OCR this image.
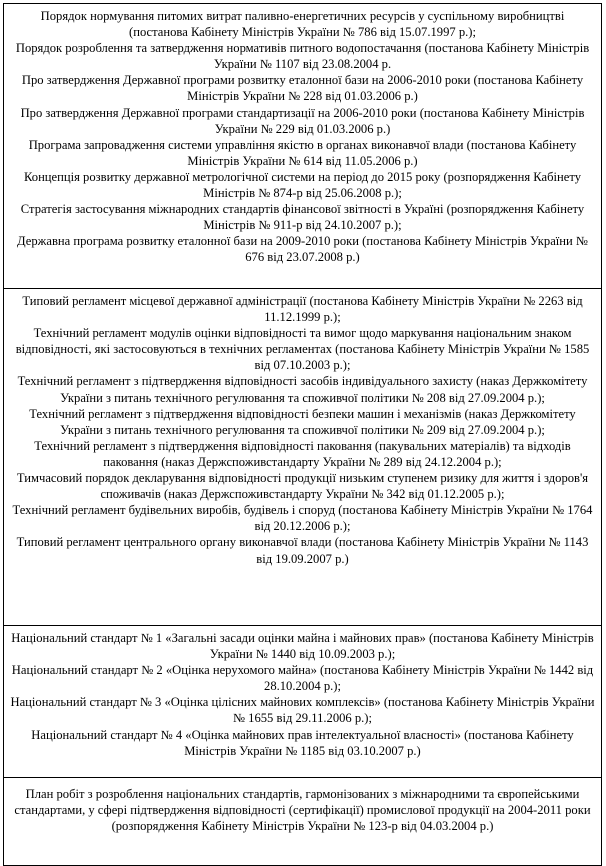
Порядок нормування питомих витрат паливно-енергетичних ресурсів у суспільному виробництві (постанова Кабінету Міністрів України № 786 від 15.07.1997 р.);
Порядок розроблення та затвердження нормативів питного водопостачання (постанова Кабінету Міністрів України № 1107 від 23.08.2004 р.
Про затвердження Державної програми розвитку еталонної бази на 2006-2010 роки (постанова Кабінету Міністрів України № 228 від 01.03.2006 р.)
Про затвердження Державної програми стандартизації на 2006-2010 роки (постанова Кабінету Міністрів України № 229 від 01.03.2006 р.)
Програма запровадження системи управління якістю в органах виконавчої влади (постанова Кабінету Міністрів України № 614 від 11.05.2006 р.)
Концепція розвитку державної метрологічної системи на період до 2015 року (розпорядження Кабінету Міністрів № 874-р від 25.06.2008 р.);
Стратегія застосування міжнародних стандартів фінансової звітності в Україні (розпорядження Кабінету Міністрів № 911-р від 24.10.2007 р.);
Державна програма розвитку еталонної бази на 2009-2010 роки (постанова Кабінету Міністрів України № 676 від 23.07.2008 р.)
Типовий регламент місцевої державної адміністрації (постанова Кабінету Міністрів України № 2263 від 11.12.1999 р.);
Технічний регламент модулів оцінки відповідності та вимог щодо маркування національним знаком відповідності, які застосовуються в технічних регламентах (постанова Кабінету Міністрів України № 1585 від 07.10.2003 р.);
Технічний регламент з підтвердження відповідності засобів індивідуального захисту (наказ Держкомітету України з питань технічного регулювання та споживчої політики № 208 від 27.09.2004 р.);
Технічний регламент з підтвердження відповідності безпеки машин і механізмів (наказ Держкомітету України з питань технічного регулювання та споживчої політики № 209 від 27.09.2004 р.);
Технічний регламент з підтвердження відповідності паковання (пакувальних матеріалів) та відходів паковання (наказ Держспоживстандарту України № 289 від 24.12.2004 р.);
Тимчасовий порядок декларування відповідності продукції низьким ступенем ризику для життя і здоров'я споживачів (наказ Держспоживстандарту України № 342 від 01.12.2005 р.);
Технічний регламент будівельних виробів, будівель і споруд (постанова Кабінету Міністрів України № 1764 від 20.12.2006 р.);
Типовий регламент центрального органу виконавчої влади (постанова Кабінету Міністрів України № 1143 від 19.09.2007 р.)
Національний стандарт № 1 «Загальні засади оцінки майна і майнових прав» (постанова Кабінету Міністрів України № 1440 від 10.09.2003 р.);
Національний стандарт № 2 «Оцінка нерухомого майна» (постанова Кабінету Міністрів України № 1442 від 28.10.2004 р.);
Національний стандарт № 3 «Оцінка цілісних майнових комплексів» (постанова Кабінету Міністрів України № 1655 від 29.11.2006 р.);
Національний стандарт № 4 «Оцінка майнових прав інтелектуальної власності» (постанова Кабінету Міністрів України № 1185 від 03.10.2007 р.)
План робіт з розроблення національних стандартів, гармонізованих з міжнародними та європейськими стандартами, у сфері підтвердження відповідності (сертифікації) промислової продукції на 2004-2011 роки (розпорядження Кабінету Міністрів України № 123-р від 04.03.2004 р.)
